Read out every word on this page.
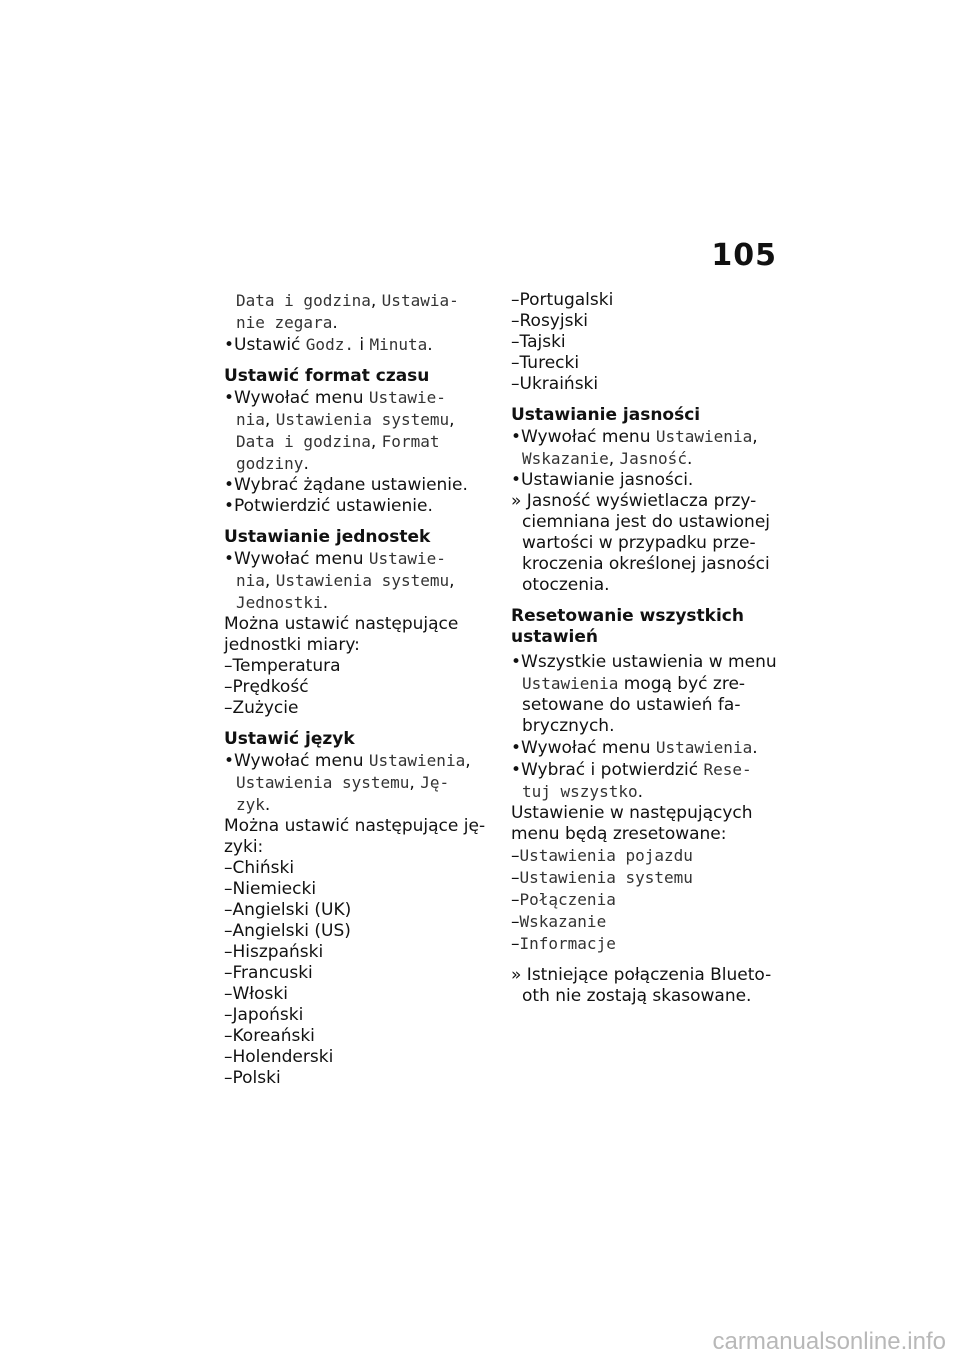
105
Data i godzina, Ustawia-
nie zegara.
•Ustawić Godz. i Minuta.
Ustawić format czasu
•Wywołać menu Ustawie-
nia, Ustawienia systemu,
Data i godzina, Format
godziny.
•Wybrać żądane ustawienie.
•Potwierdzić ustawienie.
Ustawianie jednostek
•Wywołać menu Ustawie-
nia, Ustawienia systemu,
Jednostki.
Można ustawić następujące
jednostki miary:
–Temperatura
–Prędkość
–Zużycie
Ustawić język
•Wywołać menu Ustawienia,
Ustawienia systemu, Ję-
zyk.
Można ustawić następujące ję-
zyki:
–Chiński
–Niemiecki
–Angielski (UK)
–Angielski (US)
–Hiszpański
–Francuski
–Włoski
–Japoński
–Koreański
–Holenderski
–Polski
–Portugalski
–Rosyjski
–Tajski
–Turecki
–Ukraiński
Ustawianie jasności
•Wywołać menu Ustawienia,
Wskazanie, Jasność.
•Ustawianie jasności.
» Jasność wyświetlacza przy-
ciemniana jest do ustawionej
wartości w przypadku prze-
kroczenia określonej jasności
otoczenia.
Resetowanie wszystkich
ustawień
•Wszystkie ustawienia w menu
Ustawienia mogą być zre-
setowane do ustawień fa-
brycznych.
•Wywołać menu Ustawienia.
•Wybrać i potwierdzić Rese-
tuj wszystko.
Ustawienie w następujących
menu będą zresetowane:
–Ustawienia pojazdu
–Ustawienia systemu
–Połączenia
–Wskazanie
–Informacje
» Istniejące połączenia Blueto-
oth nie zostają skasowane.
carmanualsonline.info
